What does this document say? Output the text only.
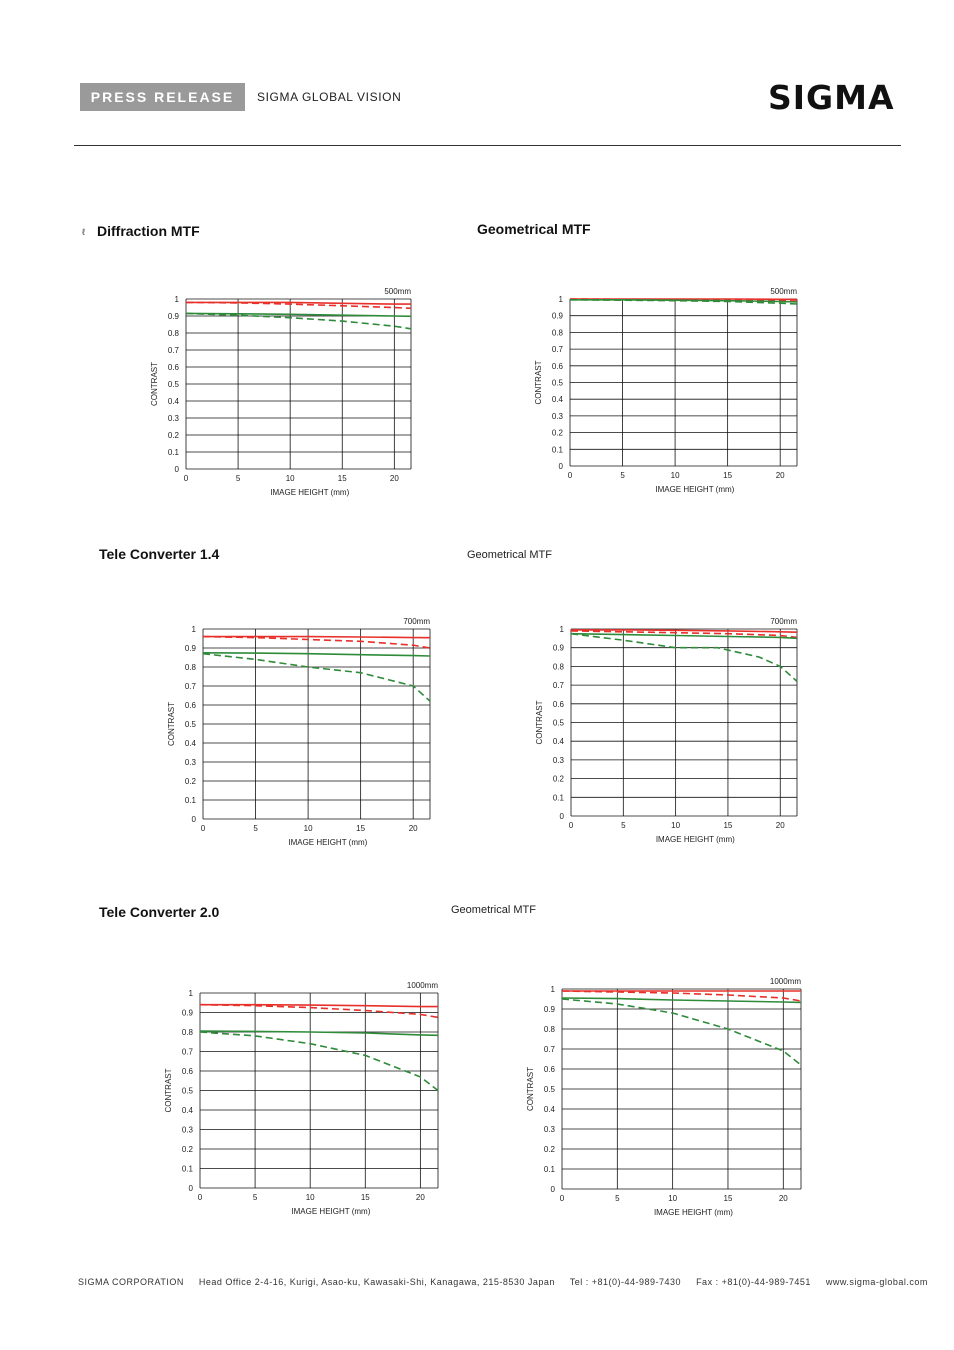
PRESS RELEASE	SIGMA GLOBAL VISION	SIGMA
ℓ Diffraction MTF	Geometrical MTF
Tele Converter 1.4	Geometrical MTF
Tele Converter 2.0	Geometrical MTF
0
0.1
0.2
0.3
0.4
0.5
0.6
0.7
0.8
0.9
1
0	5	10	15	20
500mm
IMAGE HEIGHT (mm)
CONTRAST
0
0.1
0.2
0.3
0.4
0.5
0.6
0.7
0.8
0.9
1
0	5	10	15	20
500mm
IMAGE HEIGHT (mm)
CONTRAST
0
0.1
0.2
0.3
0.4
0.5
0.6
0.7
0.8
0.9
1
0	5	10	15	20
700mm
IMAGE HEIGHT (mm)
CONTRAST
0
0.1
0.2
0.3
0.4
0.5
0.6
0.7
0.8
0.9
1
0	5	10	15	20
700mm
IMAGE HEIGHT (mm)
CONTRAST
0
0.1
0.2
0.3
0.4
0.5
0.6
0.7
0.8
0.9
1
0	5	10	15	20
1000mm
IMAGE HEIGHT (mm)
CONTRAST
0
0.1
0.2
0.3
0.4
0.5
0.6
0.7
0.8
0.9
1
0	5	10	15	20
1000mm
IMAGE HEIGHT (mm)
CONTRAST
SIGMA CORPORATION Head Office 2-4-16, Kurigi, Asao-ku, Kawasaki-Shi, Kanagawa, 215-8530 Japan Tel : +81(0)-44-989-7430 Fax : +81(0)-44-989-7451 www.sigma-global.com
